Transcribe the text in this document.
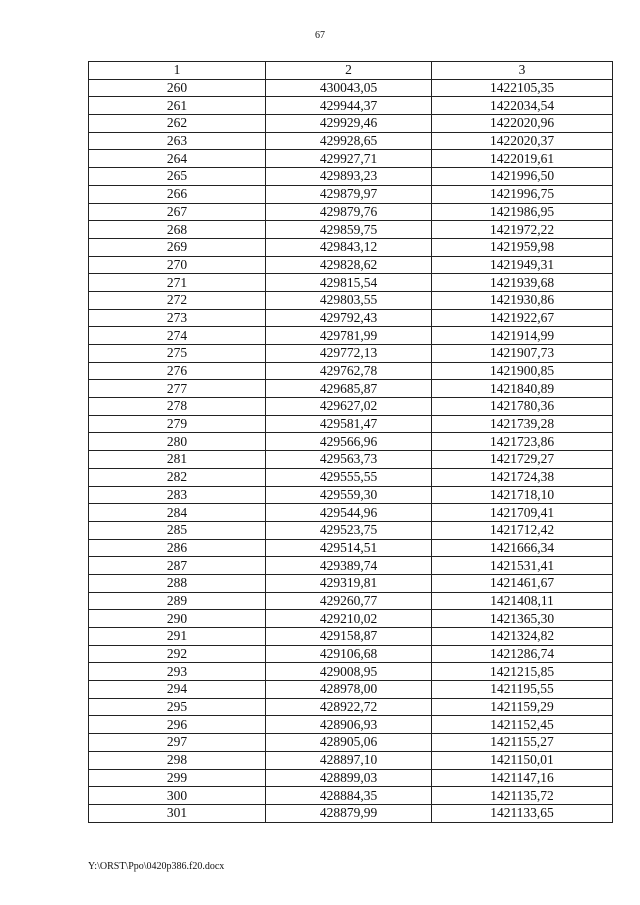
67
1	2	3
260	430043,05	1422105,35
261	429944,37	1422034,54
262	429929,46	1422020,96
263	429928,65	1422020,37
264	429927,71	1422019,61
265	429893,23	1421996,50
266	429879,97	1421996,75
267	429879,76	1421986,95
268	429859,75	1421972,22
269	429843,12	1421959,98
270	429828,62	1421949,31
271	429815,54	1421939,68
272	429803,55	1421930,86
273	429792,43	1421922,67
274	429781,99	1421914,99
275	429772,13	1421907,73
276	429762,78	1421900,85
277	429685,87	1421840,89
278	429627,02	1421780,36
279	429581,47	1421739,28
280	429566,96	1421723,86
281	429563,73	1421729,27
282	429555,55	1421724,38
283	429559,30	1421718,10
284	429544,96	1421709,41
285	429523,75	1421712,42
286	429514,51	1421666,34
287	429389,74	1421531,41
288	429319,81	1421461,67
289	429260,77	1421408,11
290	429210,02	1421365,30
291	429158,87	1421324,82
292	429106,68	1421286,74
293	429008,95	1421215,85
294	428978,00	1421195,55
295	428922,72	1421159,29
296	428906,93	1421152,45
297	428905,06	1421155,27
298	428897,10	1421150,01
299	428899,03	1421147,16
300	428884,35	1421135,72
301	428879,99	1421133,65
Y:\ORST\Ppo\0420p386.f20.docx
